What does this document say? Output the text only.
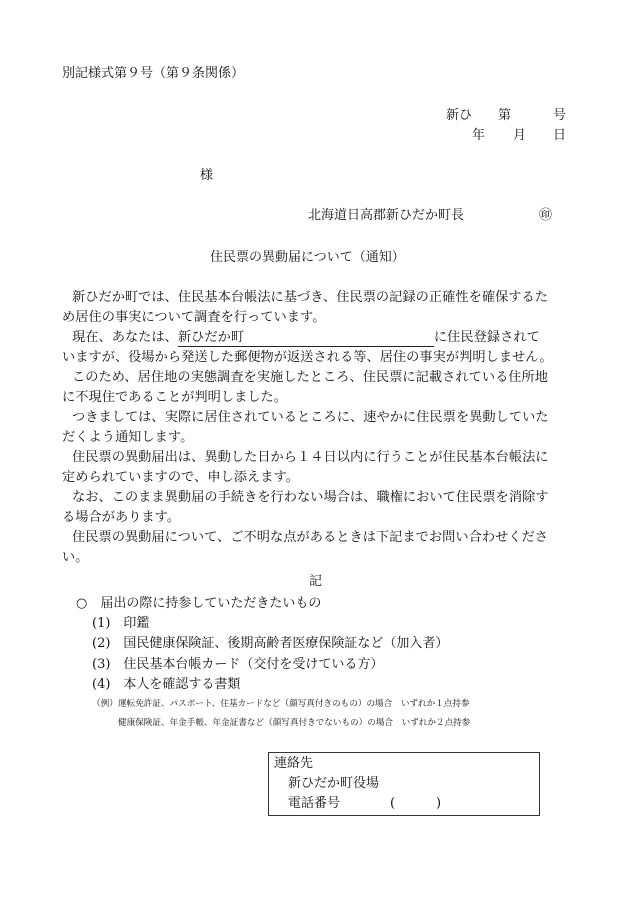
別記様式第９号（第９条関係）
新ひ 第	号
年 月 日
様
北海道日高郡新ひだか町長	㊞
住民票の異動届について（通知）
新ひだか町では、住民基本台帳法に基づき、住民票の記録の正確性を確保するた
め居住の事実について調査を行っています。
現在、あなたは、新ひだか町	に住民登録されて
いますが、役場から発送した郵便物が返送される等、居住の事実が判明しません。
このため、居住地の実態調査を実施したところ、住民票に記載されている住所地
に不現住であることが判明しました。
つきましては、実際に居住されているところに、速やかに住民票を異動していた
だくよう通知します。
住民票の異動届出は、異動した日から１４日以内に行うことが住民基本台帳法に
定められていますので、申し添えます。
なお、このまま異動届の手続きを行わない場合は、職権において住民票を消除す
る場合があります。
住民票の異動届について、ご不明な点があるときは下記までお問い合わせくださ
い。
記
○　届出の際に持参していただきたいもの
(1)　印鑑
(2)　国民健康保険証、後期高齢者医療保険証など（加入者）
(3)　住民基本台帳カード（交付を受けている方）
(4)　本人を確認する書類
（例） 運転免許証、パスポート、住基カードなど（顔写真付きのもの）の場合　いずれか１点持参
健康保険証、年金手帳、年金証書など（顔写真付きでないもの）の場合　いずれか２点持参
連絡先
新ひだか町役場
電話番号	(	)
